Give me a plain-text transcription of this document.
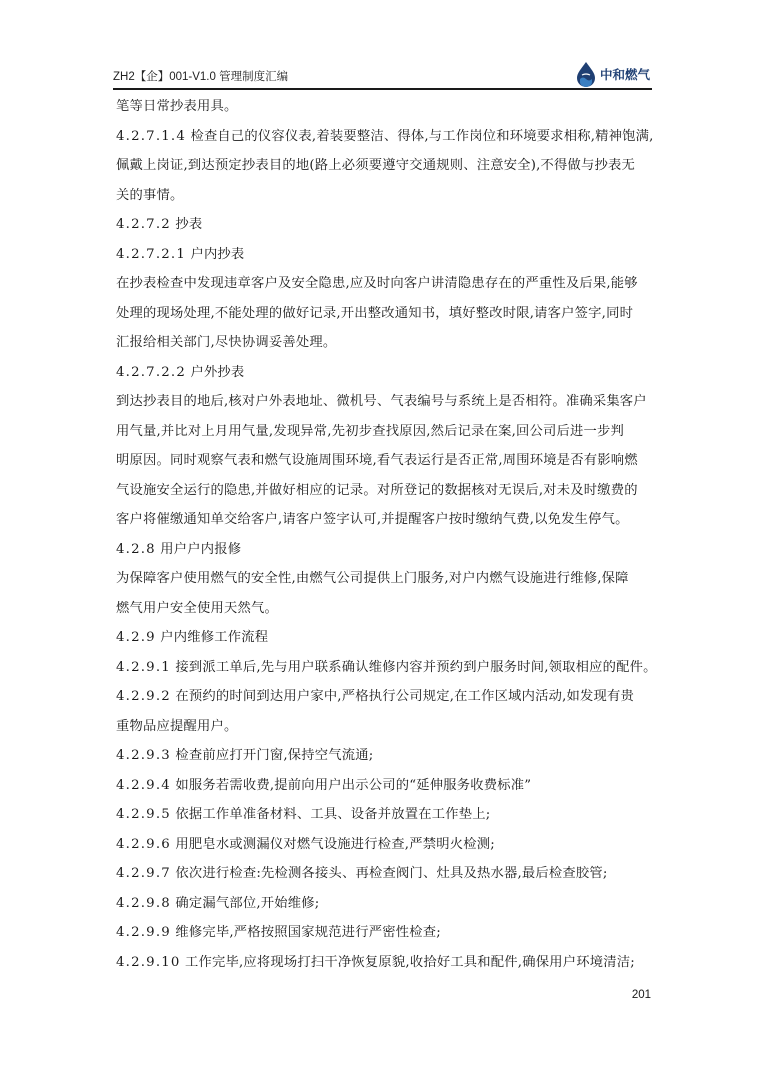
ZH2【企】001-V1.0 管理制度汇编	中和燃气
笔等日常抄表用具。
4.2.7.1.4 检查自己的仪容仪表,着装要整洁、得体,与工作岗位和环境要求相称,精神饱满,
佩戴上岗证,到达预定抄表目的地(路上必须要遵守交通规则、注意安全),不得做与抄表无
关的事情。
4.2.7.2 抄表
4.2.7.2.1 户内抄表
在抄表检查中发现违章客户及安全隐患,应及时向客户讲清隐患存在的严重性及后果,能够
处理的现场处理,不能处理的做好记录,开出整改通知书，填好整改时限,请客户签字,同时
汇报给相关部门,尽快协调妥善处理。
4.2.7.2.2 户外抄表
到达抄表目的地后,核对户外表地址、微机号、气表编号与系统上是否相符。准确采集客户
用气量,并比对上月用气量,发现异常,先初步查找原因,然后记录在案,回公司后进一步判
明原因。同时观察气表和燃气设施周围环境,看气表运行是否正常,周围环境是否有影响燃
气设施安全运行的隐患,并做好相应的记录。对所登记的数据核对无误后,对未及时缴费的
客户将催缴通知单交给客户,请客户签字认可,并提醒客户按时缴纳气费,以免发生停气。
4.2.8 用户户内报修
为保障客户使用燃气的安全性,由燃气公司提供上门服务,对户内燃气设施进行维修,保障
燃气用户安全使用天然气。
4.2.9 户内维修工作流程
4.2.9.1 接到派工单后,先与用户联系确认维修内容并预约到户服务时间,领取相应的配件。
4.2.9.2 在预约的时间到达用户家中,严格执行公司规定,在工作区域内活动,如发现有贵
重物品应提醒用户。
4.2.9.3 检查前应打开门窗,保持空气流通;
4.2.9.4 如服务若需收费,提前向用户出示公司的“延伸服务收费标准”
4.2.9.5 依据工作单准备材料、工具、设备并放置在工作垫上;
4.2.9.6 用肥皂水或测漏仪对燃气设施进行检查,严禁明火检测;
4.2.9.7 依次进行检查:先检测各接头、再检查阀门、灶具及热水器,最后检查胶管;
4.2.9.8 确定漏气部位,开始维修;
4.2.9.9 维修完毕,严格按照国家规范进行严密性检查;
4.2.9.10 工作完毕,应将现场打扫干净恢复原貌,收拾好工具和配件,确保用户环境清洁;
201
